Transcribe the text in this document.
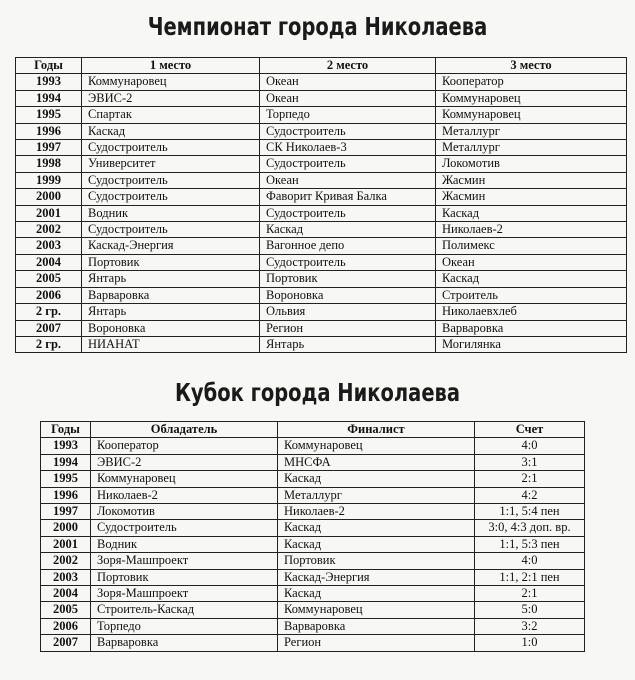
Чемпионат города Николаева
Годы	1 место	2 место	3 место
1993	Коммунаровец	Океан	Кооператор
1994	ЭВИС-2	Океан	Коммунаровец
1995	Спартак	Торпедо	Коммунаровец
1996	Каскад	Судостроитель	Металлург
1997	Судостроитель	СК Николаев-3	Металлург
1998	Университет	Судостроитель	Локомотив
1999	Судостроитель	Океан	Жасмин
2000	Судостроитель	Фаворит Кривая Балка	Жасмин
2001	Водник	Судостроитель	Каскад
2002	Судостроитель	Каскад	Николаев-2
2003	Каскад-Энергия	Вагонное депо	Полимекс
2004	Портовик	Судостроитель	Океан
2005	Янтарь	Портовик	Каскад
2006	Варваровка	Вороновка	Строитель
2 гр.	Янтарь	Ольвия	Николаевхлеб
2007	Вороновка	Регион	Варваровка
2 гр.	НИАНАТ	Янтарь	Могилянка
Кубок города Николаева
Годы	Обладатель	Финалист	Счет
1993	Кооператор	Коммунаровец	4:0
1994	ЭВИС-2	МНСФА	3:1
1995	Коммунаровец	Каскад	2:1
1996	Николаев-2	Металлург	4:2
1997	Локомотив	Николаев-2	1:1, 5:4 пен
2000	Судостроитель	Каскад	3:0, 4:3 доп. вр.
2001	Водник	Каскад	1:1, 5:3 пен
2002	Зоря-Машпроект	Портовик	4:0
2003	Портовик	Каскад-Энергия	1:1, 2:1 пен
2004	Зоря-Машпроект	Каскад	2:1
2005	Строитель-Каскад	Коммунаровец	5:0
2006	Торпедо	Варваровка	3:2
2007	Варваровка	Регион	1:0
